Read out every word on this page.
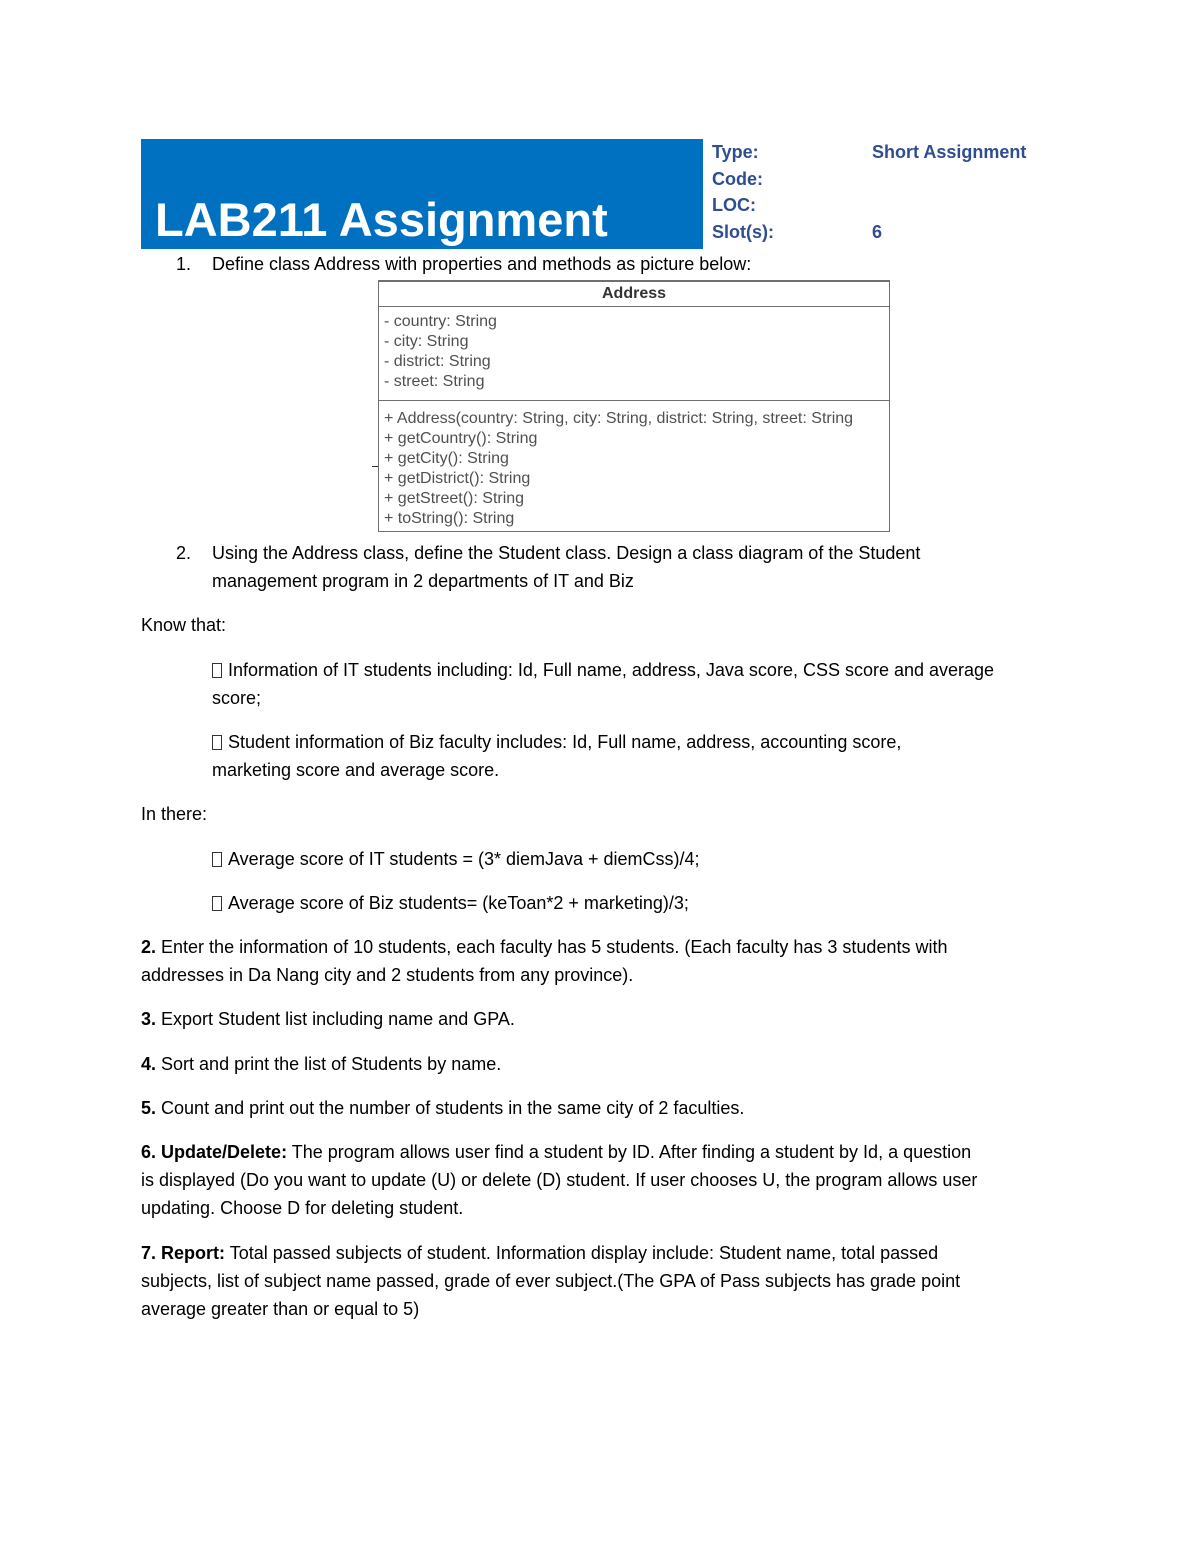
LAB211 Assignment
Type:	Short Assignment
Code:
LOC:
Slot(s):	6
1. Define class Address with properties and methods as picture below:
Address
- country: String
- city: String
- district: String
- street: String
+ Address(country: String, city: String, district: String, street: String
+ getCountry(): String
+ getCity(): String
+ getDistrict(): String
+ getStreet(): String
+ toString(): String
2. Using the Address class, define the Student class. Design a class diagram of the Student
management program in 2 departments of IT and Biz
Know that:
Information of IT students including: Id, Full name, address, Java score, CSS score and average
score;
Student information of Biz faculty includes: Id, Full name, address, accounting score,
marketing score and average score.
In there:
Average score of IT students = (3* diemJava + diemCss)/4;
Average score of Biz students= (keToan*2 + marketing)/3;
2. Enter the information of 10 students, each faculty has 5 students. (Each faculty has 3 students with
addresses in Da Nang city and 2 students from any province).
3. Export Student list including name and GPA.
4. Sort and print the list of Students by name.
5. Count and print out the number of students in the same city of 2 faculties.
6. Update/Delete: The program allows user find a student by ID. After finding a student by Id, a question
is displayed (Do you want to update (U) or delete (D) student. If user chooses U, the program allows user
updating. Choose D for deleting student.
7. Report: Total passed subjects of student. Information display include: Student name, total passed
subjects, list of subject name passed, grade of ever subject.(The GPA of Pass subjects has grade point
average greater than or equal to 5)
